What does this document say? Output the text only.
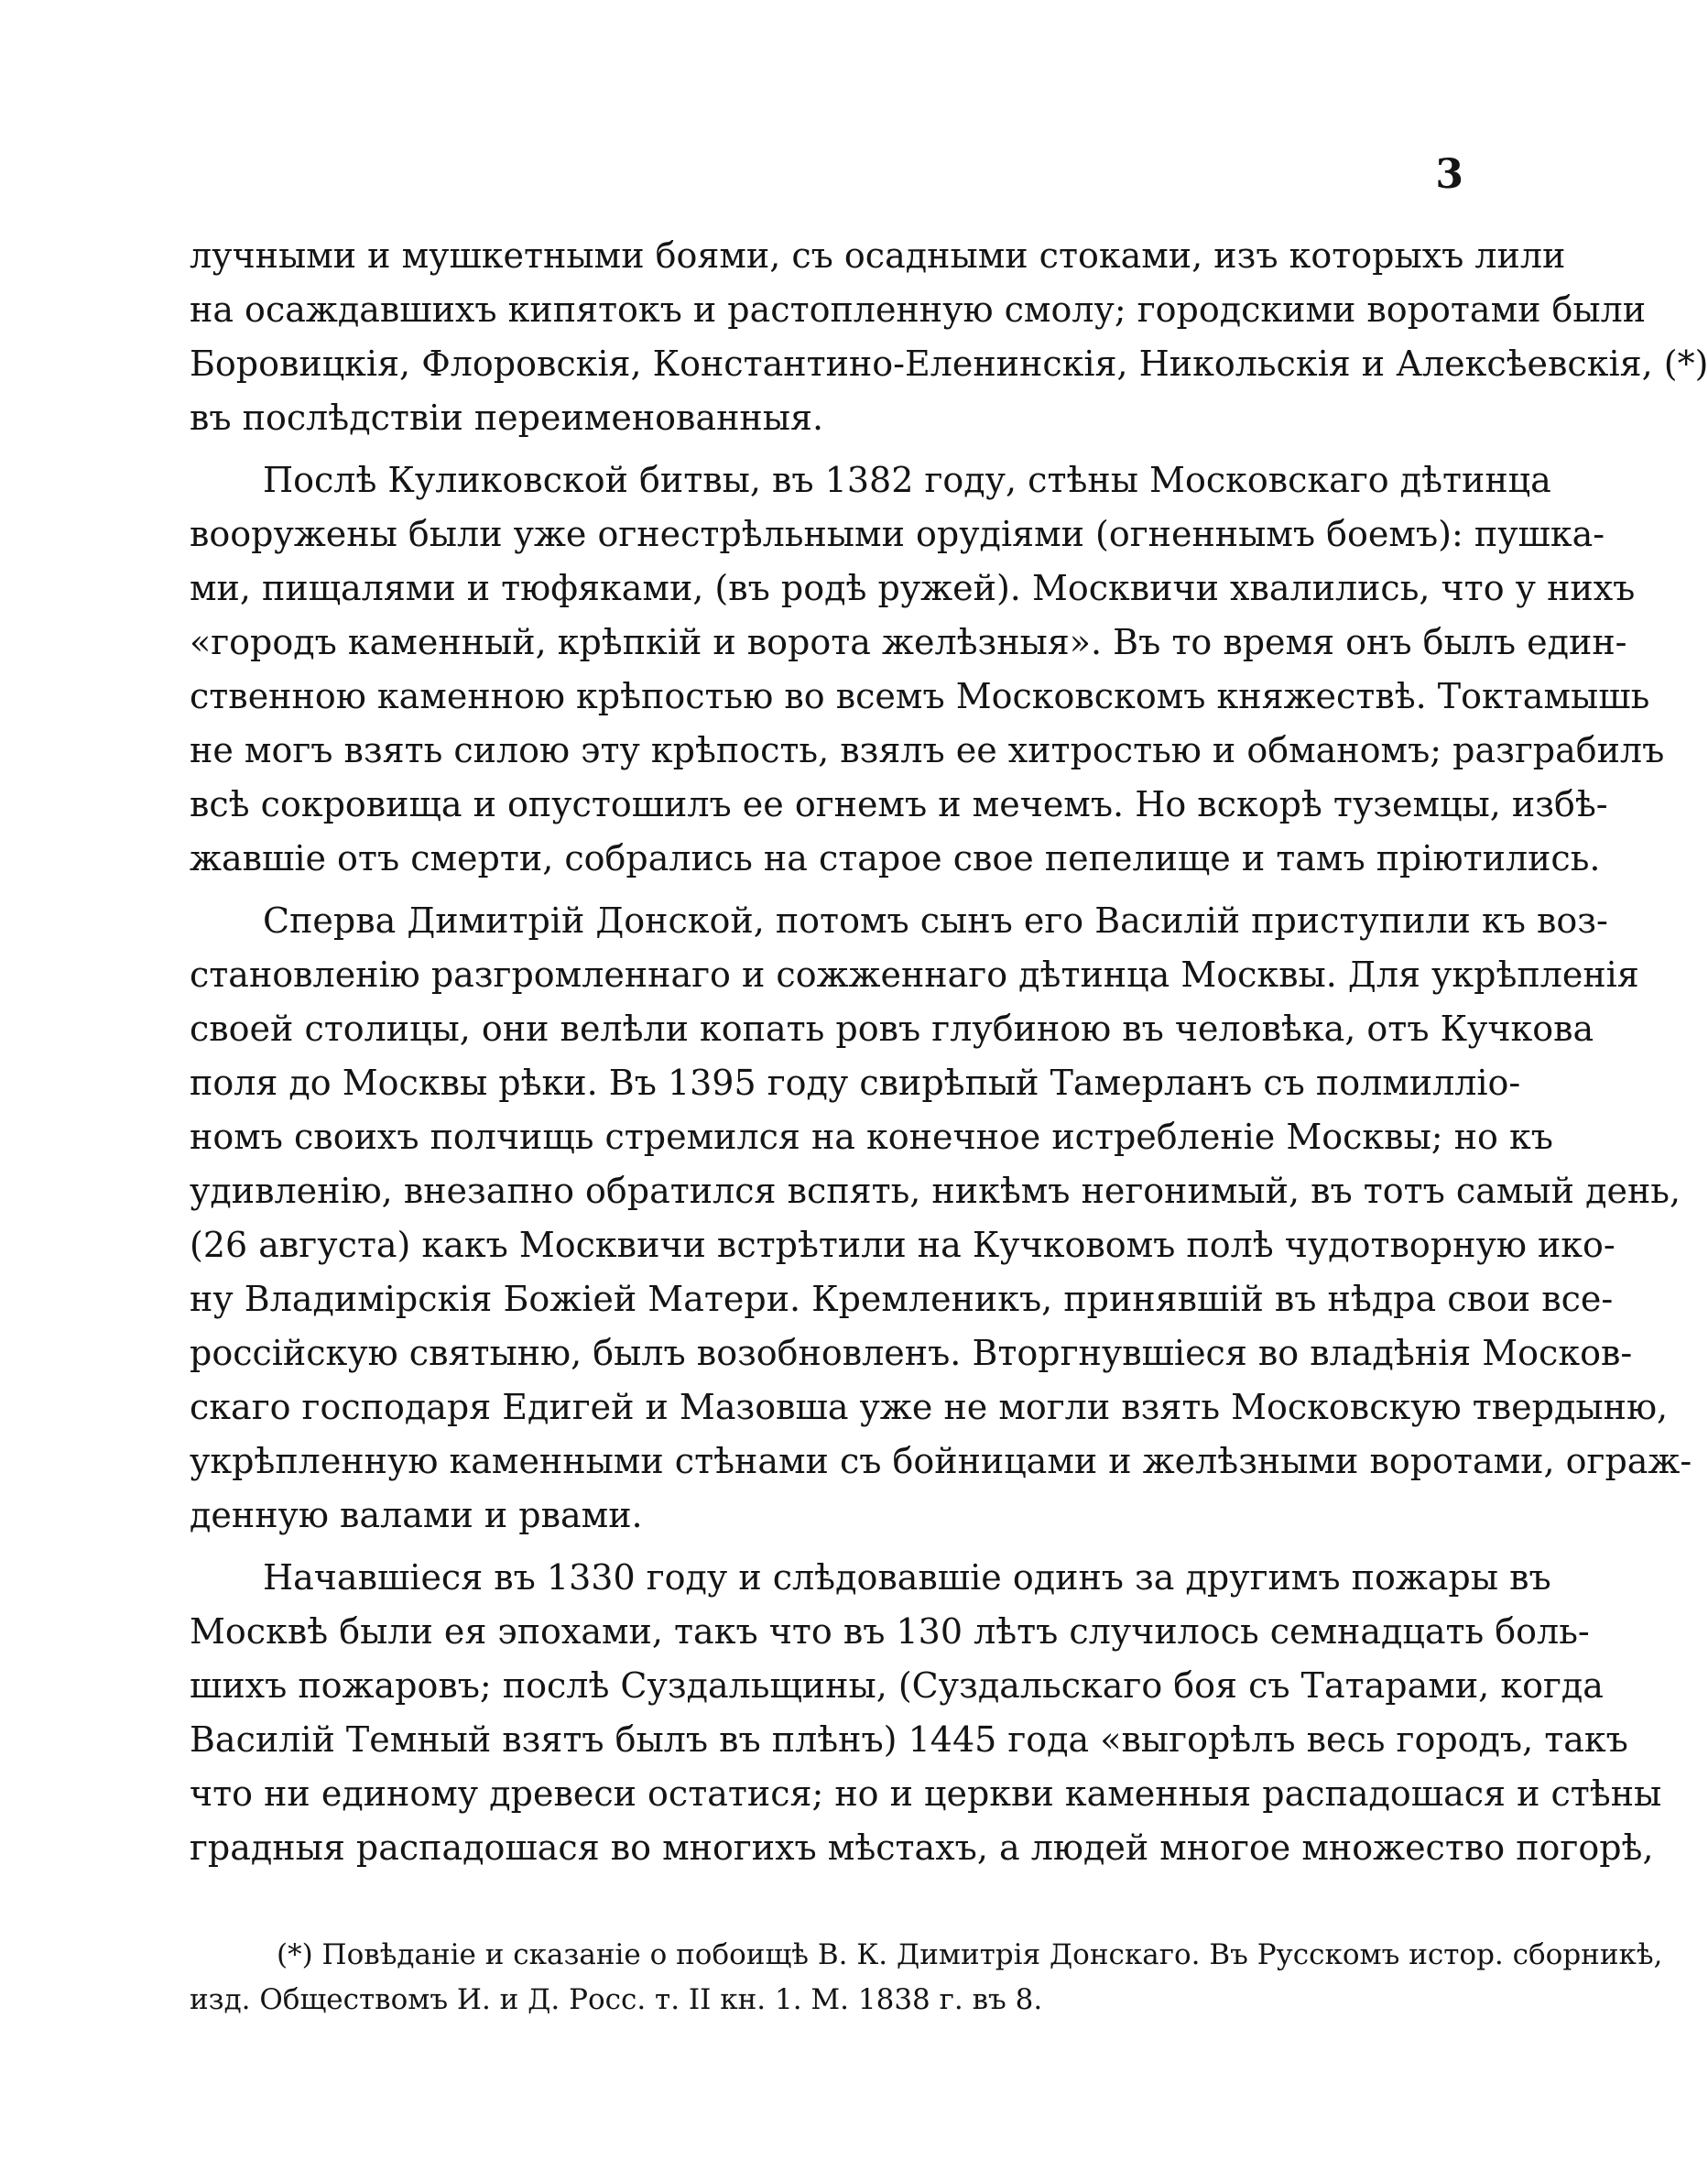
3

лучными и мушкетными боями, съ осадными стоками, изъ которыхъ лили
на осаждавшихъ кипятокъ и растопленную смолу; городскими воротами были
Боровицкія, Флоровскія, Константино-Еленинскія, Никольскія и Алексѣевскія, (*)
въ послѣдствіи переименованныя.
Послѣ Куликовской битвы, въ 1382 году, стѣны Московскаго дѣтинца
вооружены были уже огнестрѣльными орудіями (огненнымъ боемъ): пушка-
ми, пищалями и тюфяками, (въ родѣ ружей). Москвичи хвалились, что у нихъ
«городъ каменный, крѣпкій и ворота желѣзныя». Въ то время онъ былъ един-
ственною каменною крѣпостью во всемъ Московскомъ княжествѣ. Токтамышь
не могъ взять силою эту крѣпость, взялъ ее хитростью и обманомъ; разграбилъ
всѣ сокровища и опустошилъ ее огнемъ и мечемъ. Но вскорѣ туземцы, избѣ-
жавшіе отъ смерти, собрались на старое свое пепелище и тамъ пріютились.
Сперва Димитрій Донской, потомъ сынъ его Василій приступили къ воз-
становленію разгромленнаго и сожженнаго дѣтинца Москвы. Для укрѣпленія
своей столицы, они велѣли копать ровъ глубиною въ человѣка, отъ Кучкова
поля до Москвы рѣки. Въ 1395 году свирѣпый Тамерланъ съ полмилліо-
номъ своихъ полчищь стремился на конечное истребленіе Москвы; но къ
удивленію, внезапно обратился вспять, никѣмъ негонимый, въ тотъ самый день,
(26 августа) какъ Москвичи встрѣтили на Кучковомъ полѣ чудотворную ико-
ну Владимірскія Божіей Матери. Кремленикъ, принявшій въ нѣдра свои все-
россійскую святыню, былъ возобновленъ. Вторгнувшіеся во владѣнія Москов-
скаго господаря Едигей и Мазовша уже не могли взять Московскую твердыню,
укрѣпленную каменными стѣнами съ бойницами и желѣзными воротами, ограж-
денную валами и рвами.
Начавшіеся въ 1330 году и слѣдовавшіе одинъ за другимъ пожары въ
Москвѣ были ея эпохами, такъ что въ 130 лѣтъ случилось семнадцать боль-
шихъ пожаровъ; послѣ Суздальщины, (Суздальскаго боя съ Татарами, когда
Василій Темный взятъ былъ въ плѣнъ) 1445 года «выгорѣлъ весь городъ, такъ
что ни единому древеси остатися; но и церкви каменныя распадошася и стѣны
градныя распадошася во многихъ мѣстахъ, а людей многое множество погорѣ,
(*) Повѣданіе и сказаніе о побоищѣ В. К. Димитрія Донскаго. Въ Русскомъ истор. сборникѣ,
изд. Обществомъ И. и Д. Росс. т. II кн. 1. М. 1838 г. въ 8.
